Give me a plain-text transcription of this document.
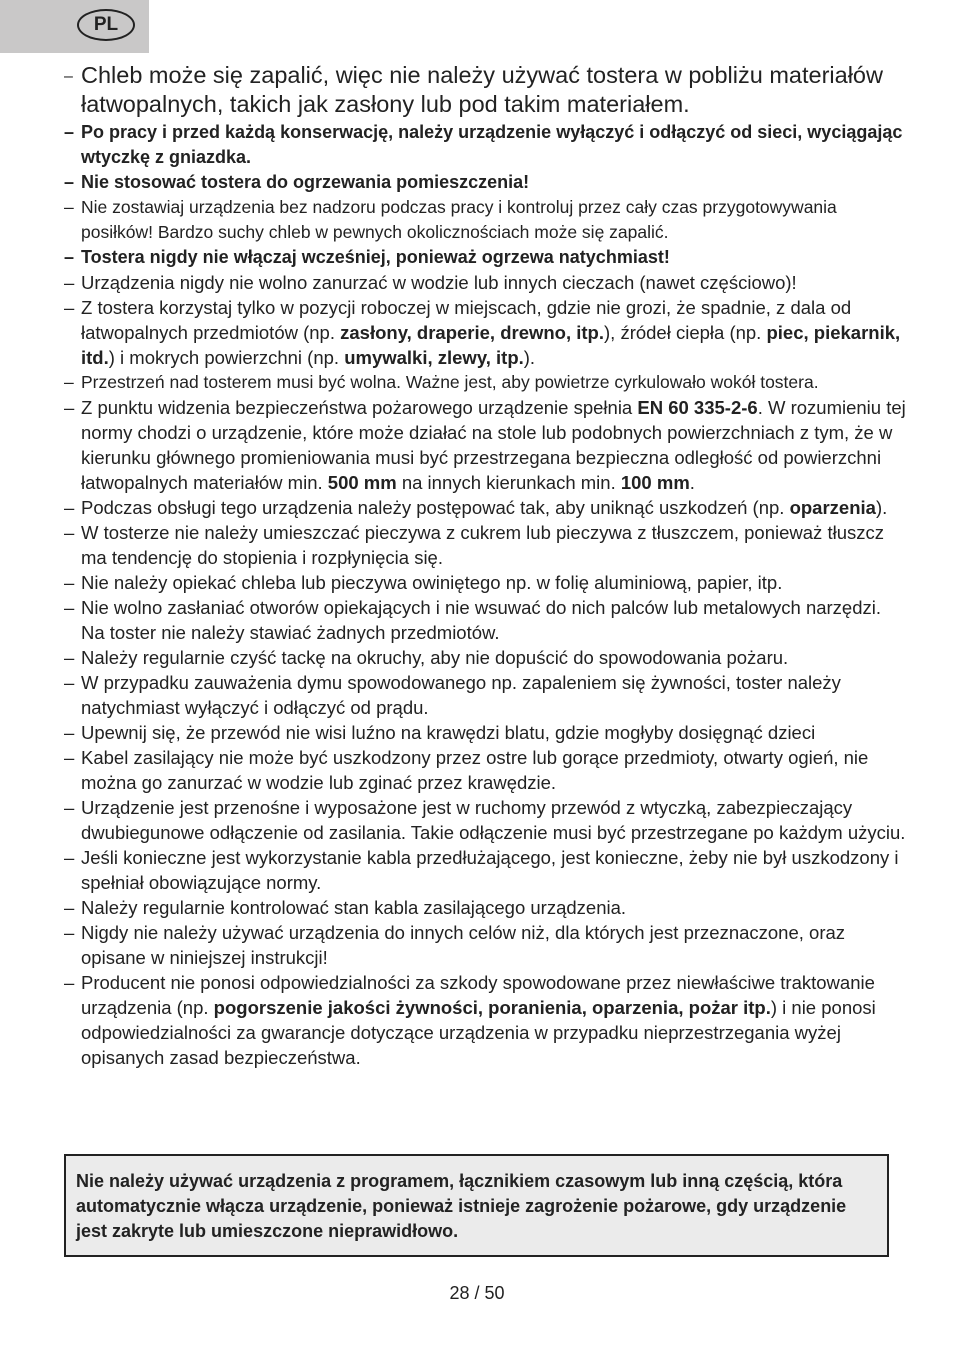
PL
– Chleb może się zapalić, więc nie należy używać tostera w pobliżu materiałów łatwopalnych, takich jak zasłony lub pod takim materiałem.
– Po pracy i przed każdą konserwację, należy urządzenie wyłączyć i odłączyć od sieci, wyciągając wtyczkę z gniazdka.
– Nie stosować tostera do ogrzewania pomieszczenia!
– Nie zostawiaj urządzenia bez nadzoru podczas pracy i kontroluj przez cały czas przygotowywania posiłków! Bardzo suchy chleb w pewnych okolicznościach może się zapalić.
– Tostera nigdy nie włączaj wcześniej, ponieważ ogrzewa natychmiast!
– Urządzenia nigdy nie wolno zanurzać w wodzie lub innych cieczach (nawet częściowo)!
– Z tostera korzystaj tylko w pozycji roboczej w miejscach, gdzie nie grozi, że spadnie, z dala od łatwopalnych przedmiotów (np. zasłony, draperie, drewno, itp.), źródeł ciepła (np. piec, piekarnik, itd.) i mokrych powierzchni (np. umywalki, zlewy, itp.).
– Przestrzeń nad tosterem musi być wolna. Ważne jest, aby powietrze cyrkulowało wokół tostera.
– Z punktu widzenia bezpieczeństwa pożarowego urządzenie spełnia EN 60 335-2-6. W rozumieniu tej normy chodzi o urządzenie, które może działać na stole lub podobnych powierzchniach z tym, że w kierunku głównego promieniowania musi być przestrzegana bezpieczna odległość od powierzchni łatwopalnych materiałów min. 500 mm na innych kierunkach min. 100 mm.
– Podczas obsługi tego urządzenia należy postępować tak, aby uniknąć uszkodzeń (np. oparzenia).
– W tosterze nie należy umieszczać pieczywa z cukrem lub pieczywa z tłuszczem, ponieważ tłuszcz ma tendencję do stopienia i rozpłynięcia się.
– Nie należy opiekać chleba lub pieczywa owiniętego np. w folię aluminiową, papier, itp.
– Nie wolno zasłaniać otworów opiekających i nie wsuwać do nich palców lub metalowych narzędzi. Na toster nie należy stawiać żadnych przedmiotów.
– Należy regularnie czyść tackę na okruchy, aby nie dopuścić do spowodowania pożaru.
– W przypadku zauważenia dymu spowodowanego np. zapaleniem się żywności, toster należy natychmiast wyłączyć i odłączyć od prądu.
– Upewnij się, że przewód nie wisi luźno na krawędzi blatu, gdzie mogłyby dosięgnąć dzieci
– Kabel zasilający nie może być uszkodzony przez ostre lub gorące przedmioty, otwarty ogień, nie można go zanurzać w wodzie lub zginać przez krawędzie.
– Urządzenie jest przenośne i wyposażone jest w ruchomy przewód z wtyczką, zabezpieczający dwubiegunowe odłączenie od zasilania. Takie odłączenie musi być przestrzegane po każdym użyciu.
– Jeśli konieczne jest wykorzystanie kabla przedłużającego, jest konieczne, żeby nie był uszkodzony i spełniał obowiązujące normy.
– Należy regularnie kontrolować stan kabla zasilającego urządzenia.
– Nigdy nie należy używać urządzenia do innych celów niż, dla których jest przeznaczone, oraz opisane w niniejszej instrukcji!
– Producent nie ponosi odpowiedzialności za szkody spowodowane przez niewłaściwe traktowanie urządzenia (np. pogorszenie jakości żywności, poranienia, oparzenia, pożar itp.) i nie ponosi odpowiedzialności za gwarancje dotyczące urządzenia w przypadku nieprzestrzegania wyżej opisanych zasad bezpieczeństwa.
Nie należy używać urządzenia z programem, łącznikiem czasowym lub inną częścią, która automatycznie włącza urządzenie, ponieważ istnieje zagrożenie pożarowe, gdy urządzenie jest zakryte lub umieszczone nieprawidłowo.
28 / 50
